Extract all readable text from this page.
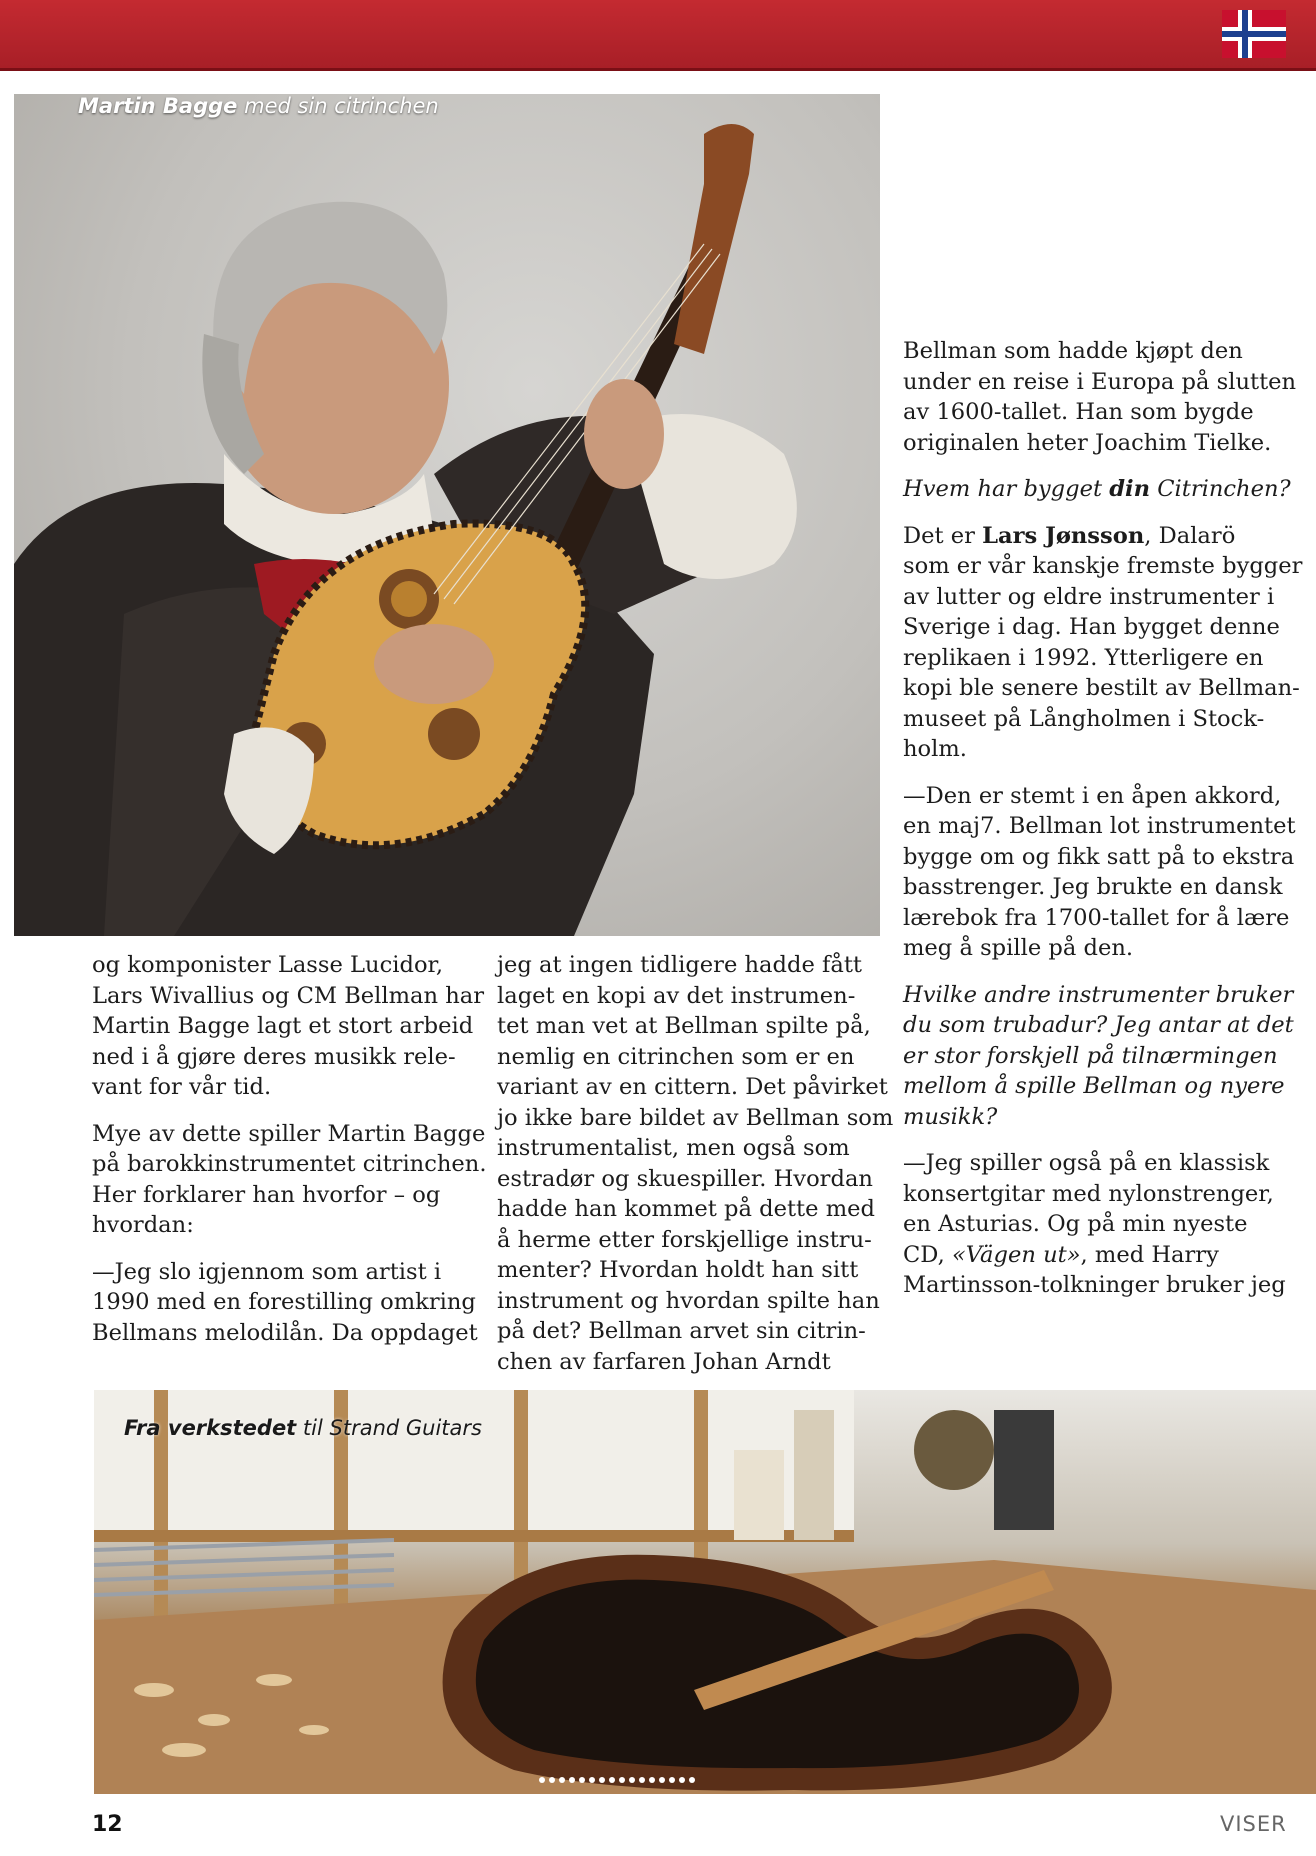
Martin Bagge med sin citrinchen

og komponister Lasse Lucidor,
Lars Wivallius og CM Bellman har
Martin Bagge lagt et stort arbeid
ned i å gjøre deres musikk rele-
vant for vår tid.

Mye av dette spiller Martin Bagge
på barokkinstrumentet citrinchen.
Her forklarer han hvorfor – og
hvordan:

—Jeg slo igjennom som artist i
1990 med en forestilling omkring
Bellmans melodilån. Da oppdaget

jeg at ingen tidligere hadde fått
laget en kopi av det instrumen-
tet man vet at Bellman spilte på,
nemlig en citrinchen som er en
variant av en cittern. Det påvirket
jo ikke bare bildet av Bellman som
instrumentalist, men også som
estradør og skuespiller. Hvordan
hadde han kommet på dette med
å herme etter forskjellige instru-
menter? Hvordan holdt han sitt
instrument og hvordan spilte han
på det? Bellman arvet sin citrin-
chen av farfaren Johan Arndt

Bellman som hadde kjøpt den
under en reise i Europa på slutten
av 1600-tallet. Han som bygde
originalen heter Joachim Tielke.

Hvem har bygget din Citrinchen?

Det er Lars Jønsson, Dalarö
som er vår kanskje fremste bygger
av lutter og eldre instrumenter i
Sverige i dag. Han bygget denne
replikaen i 1992. Ytterligere en
kopi ble senere bestilt av Bellman-
museet på Långholmen i Stock-
holm.

—Den er stemt i en åpen akkord,
en maj7. Bellman lot instrumentet
bygge om og fikk satt på to ekstra
basstrenger. Jeg brukte en dansk
lærebok fra 1700-tallet for å lære
meg å spille på den.

Hvilke andre instrumenter bruker
du som trubadur? Jeg antar at det
er stor forskjell på tilnærmingen
mellom å spille Bellman og nyere
musikk?

—Jeg spiller også på en klassisk
konsertgitar med nylonstrenger,
en Asturias. Og på min nyeste
CD, «Vägen ut», med Harry
Martinsson-tolkninger bruker jeg

Fra verkstedet til Strand Guitars
12	VISER
